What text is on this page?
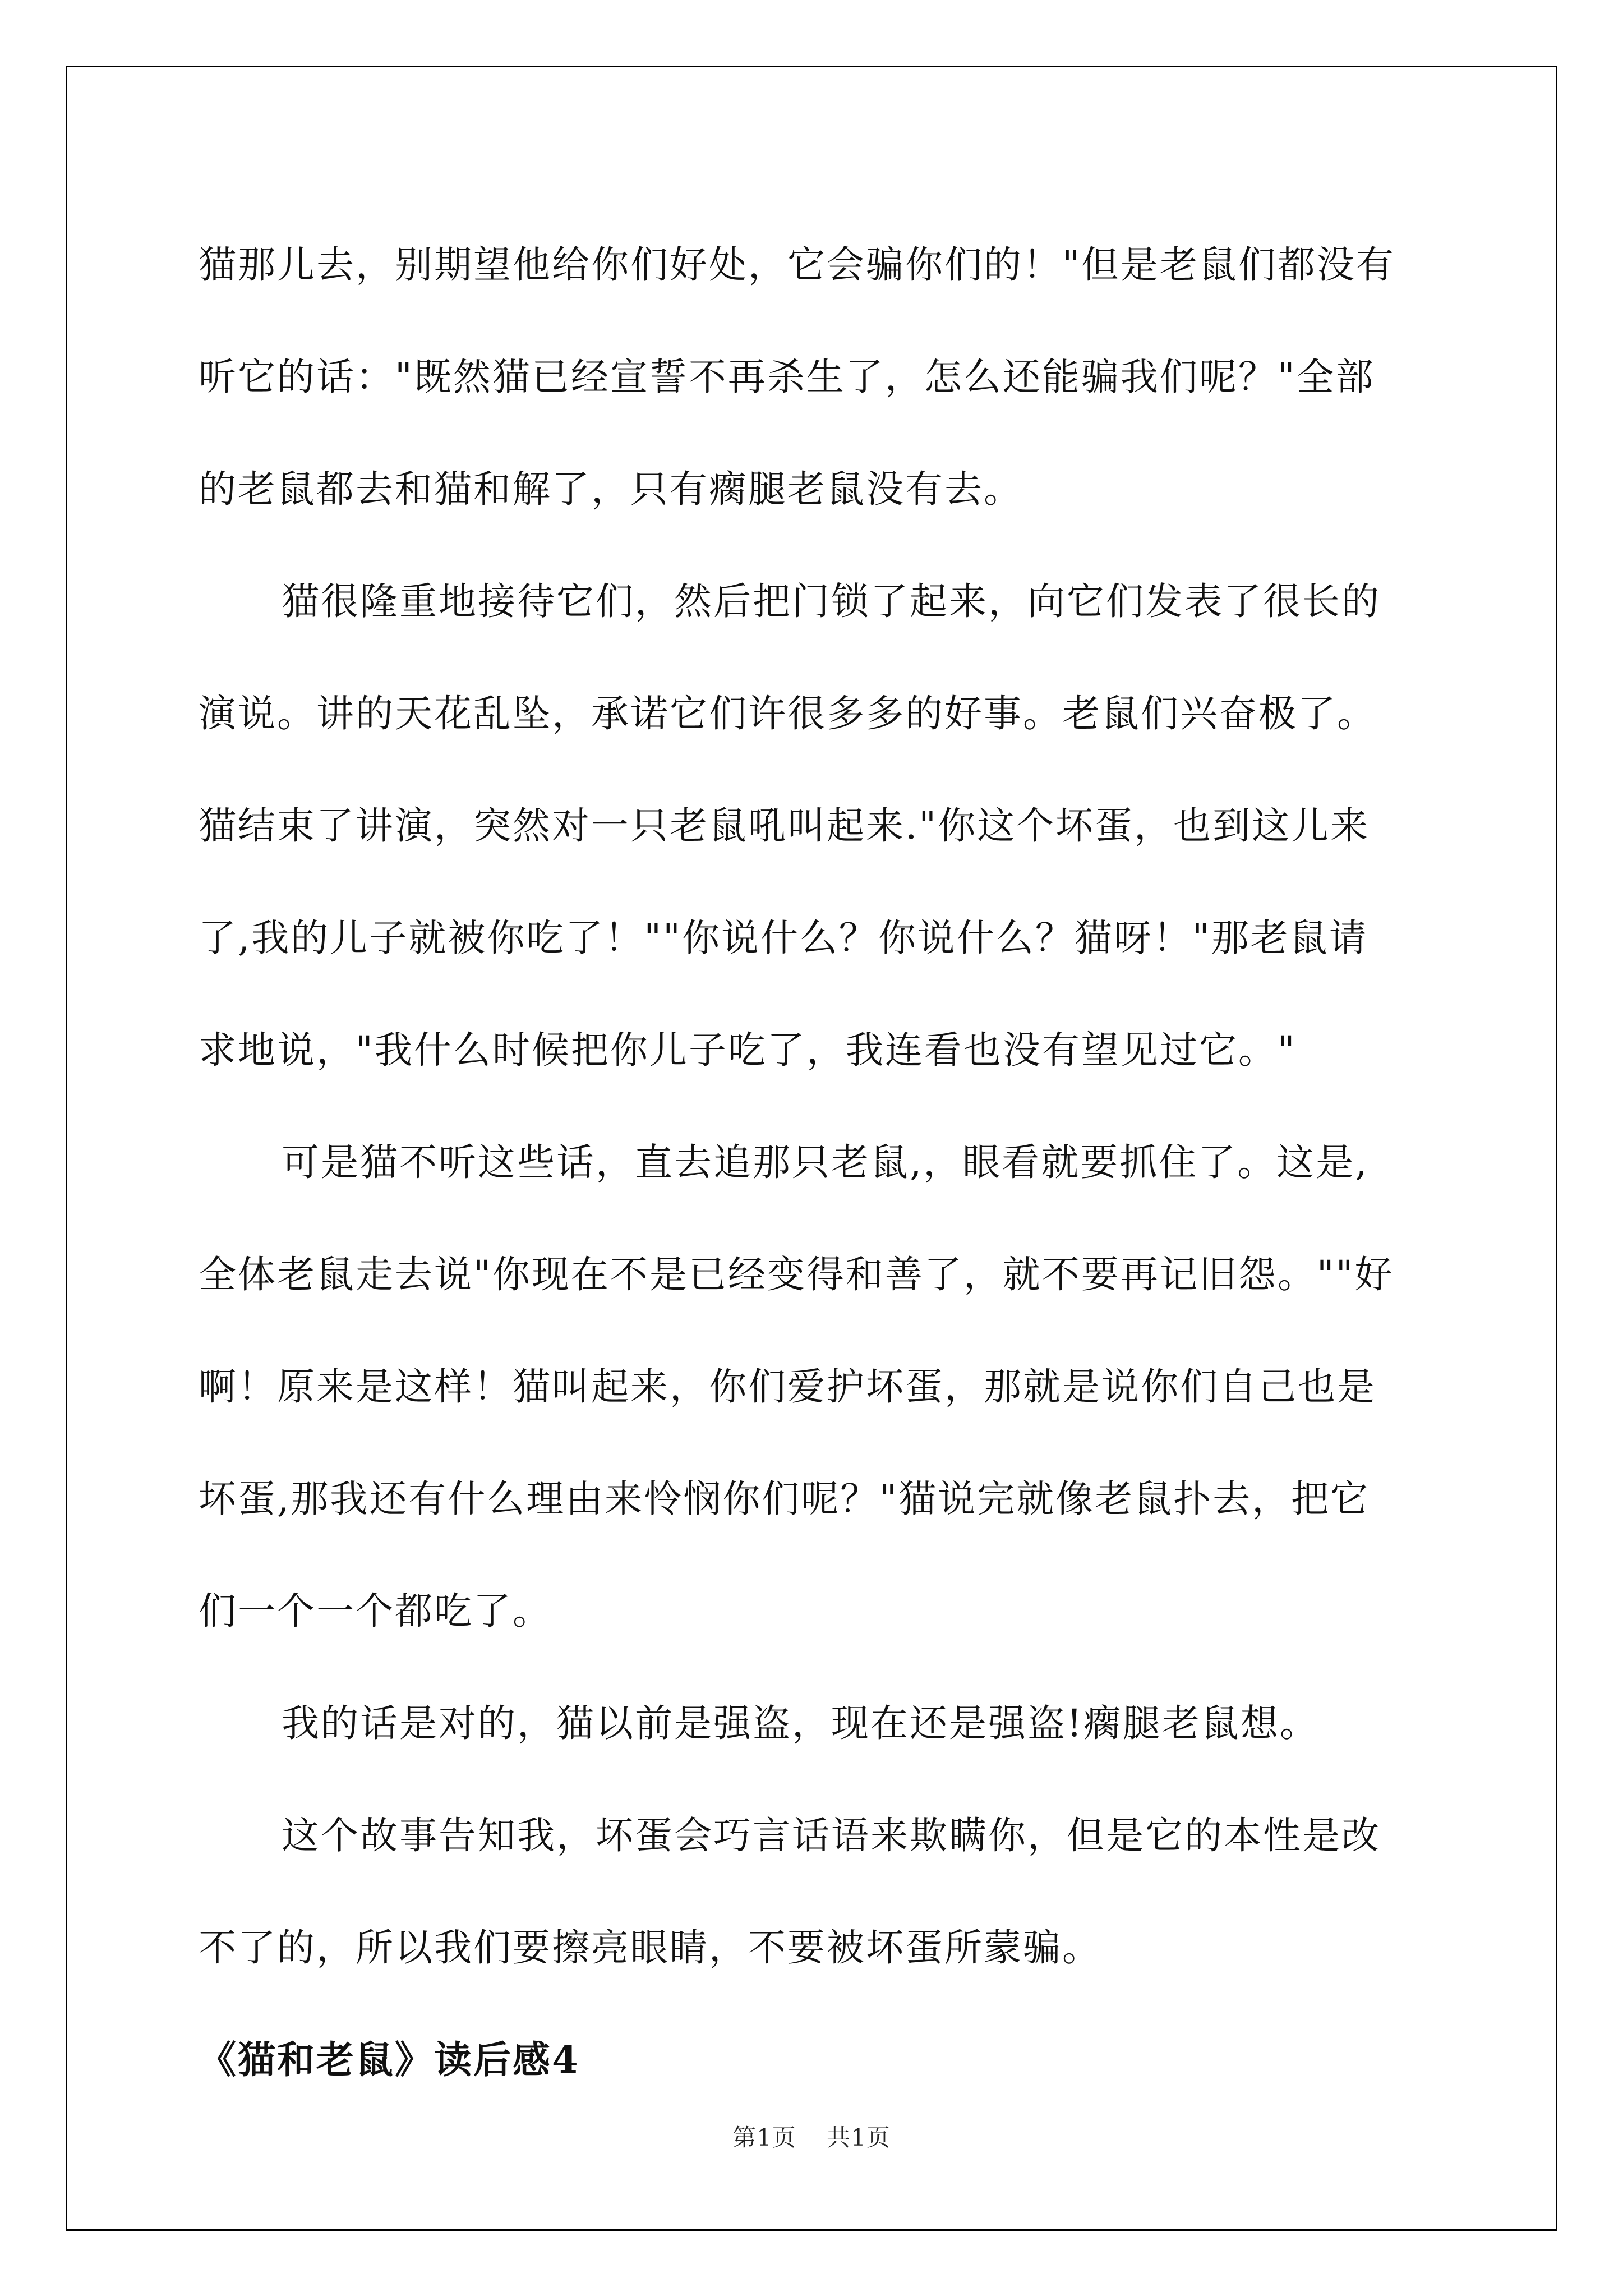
猫那儿去，别期望他给你们好处，它会骗你们的！"但是老鼠们都没有

听它的话："既然猫已经宣誓不再杀生了，怎么还能骗我们呢？"全部

的老鼠都去和猫和解了，只有瘸腿老鼠没有去。

猫很隆重地接待它们，然后把门锁了起来，向它们发表了很长的

演说。讲的天花乱坠，承诺它们许很多多的好事。老鼠们兴奋极了。

猫结束了讲演，突然对一只老鼠吼叫起来."你这个坏蛋，也到这儿来

了,我的儿子就被你吃了！""你说什么？你说什么？猫呀！"那老鼠请

求地说，"我什么时候把你儿子吃了，我连看也没有望见过它。"

可是猫不听这些话，直去追那只老鼠,，眼看就要抓住了。这是,

全体老鼠走去说"你现在不是已经变得和善了，就不要再记旧怨。""好

啊！原来是这样！猫叫起来，你们爱护坏蛋，那就是说你们自己也是

坏蛋,那我还有什么理由来怜悯你们呢？"猫说完就像老鼠扑去，把它

们一个一个都吃了。

我的话是对的，猫以前是强盗，现在还是强盗!瘸腿老鼠想。

这个故事告知我，坏蛋会巧言话语来欺瞒你，但是它的本性是改

不了的，所以我们要擦亮眼睛，不要被坏蛋所蒙骗。

《猫和老鼠》读后感4
第1页 共1页
